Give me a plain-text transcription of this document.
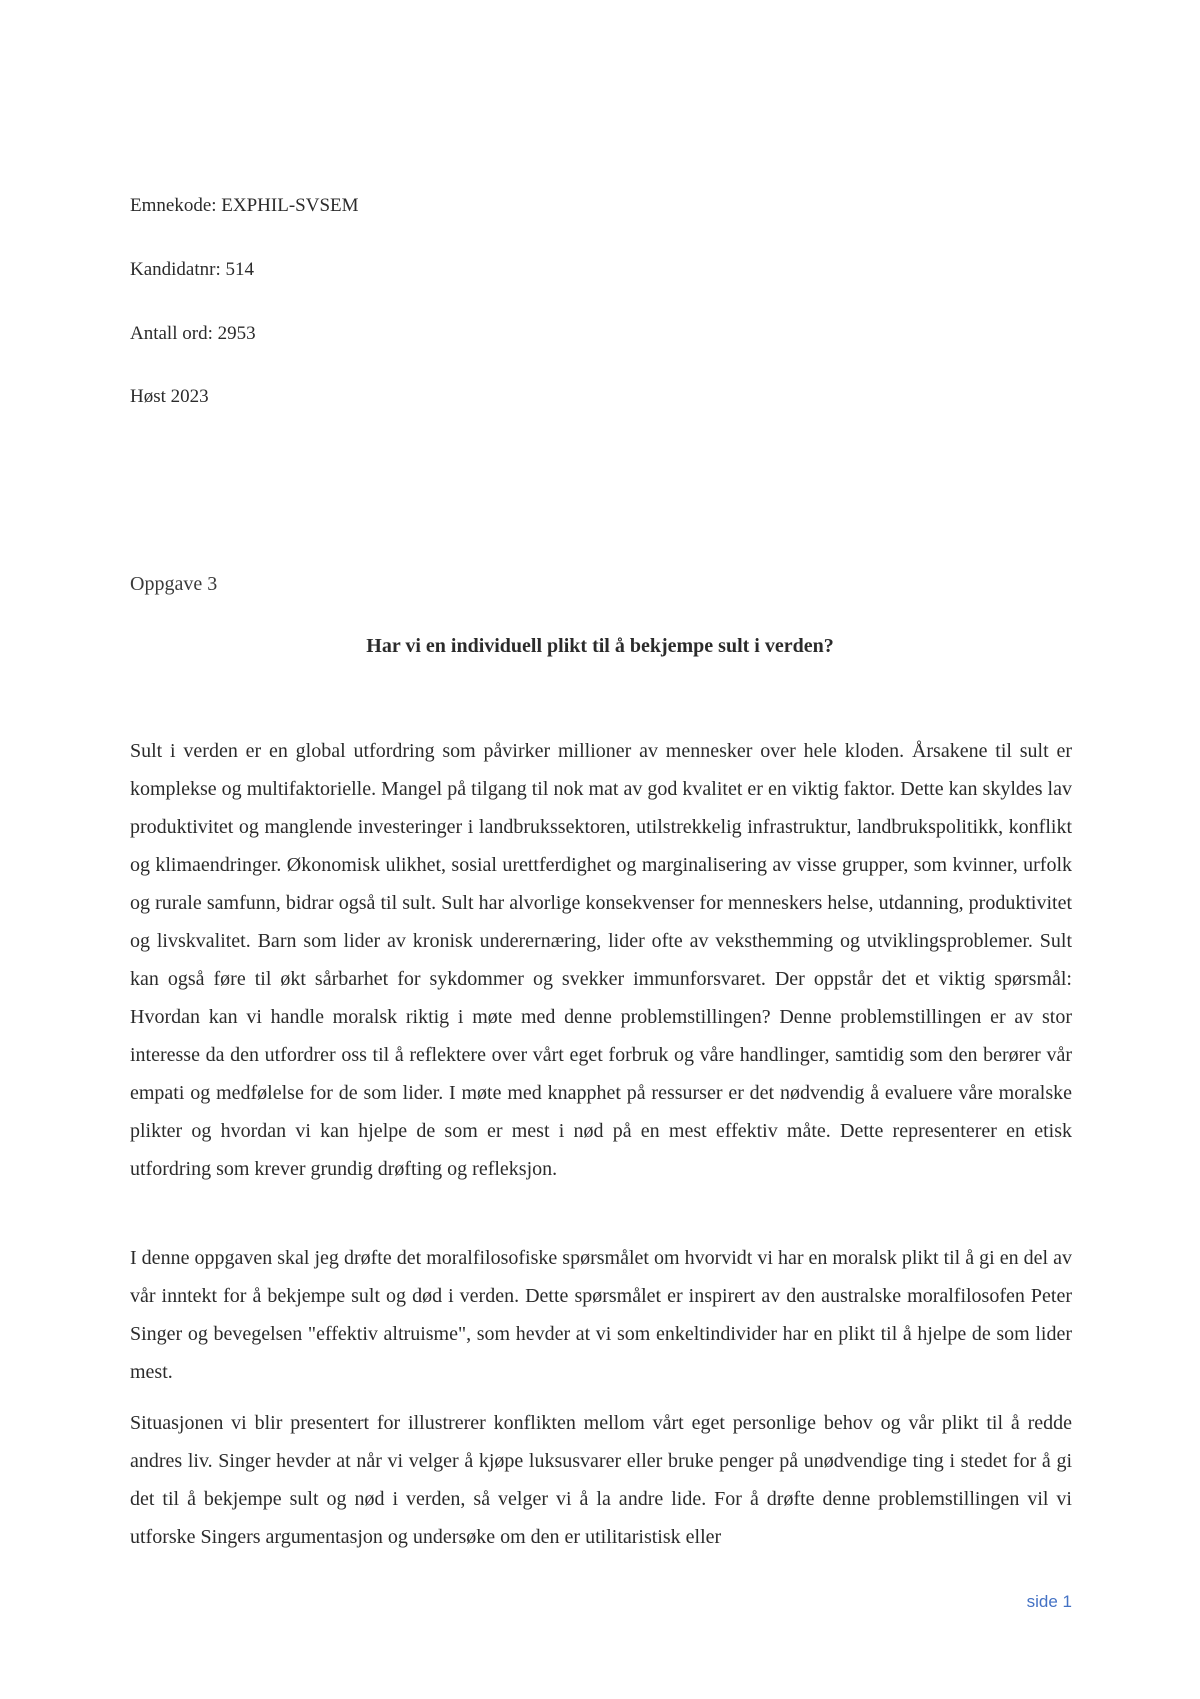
Emnekode: EXPHIL-SVSEM
Kandidatnr: 514
Antall ord: 2953
Høst 2023
Oppgave 3
Har vi en individuell plikt til å bekjempe sult i verden?

Sult i verden er en global utfordring som påvirker millioner av mennesker over hele kloden. Årsakene til sult er komplekse og multifaktorielle. Mangel på tilgang til nok mat av god kvalitet er en viktig faktor. Dette kan skyldes lav produktivitet og manglende investeringer i landbrukssektoren, utilstrekkelig infrastruktur, landbrukspolitikk, konflikt og klimaendringer. Økonomisk ulikhet, sosial urettferdighet og marginalisering av visse grupper, som kvinner, urfolk og rurale samfunn, bidrar også til sult. Sult har alvorlige konsekvenser for menneskers helse, utdanning, produktivitet og livskvalitet. Barn som lider av kronisk underernæring, lider ofte av veksthemming og utviklingsproblemer. Sult kan også føre til økt sårbarhet for sykdommer og svekker immunforsvaret. Der oppstår det et viktig spørsmål: Hvordan kan vi handle moralsk riktig i møte med denne problemstillingen? Denne problemstillingen er av stor interesse da den utfordrer oss til å reflektere over vårt eget forbruk og våre handlinger, samtidig som den berører vår empati og medfølelse for de som lider. I møte med knapphet på ressurser er det nødvendig å evaluere våre moralske plikter og hvordan vi kan hjelpe de som er mest i nød på en mest effektiv måte. Dette representerer en etisk utfordring som krever grundig drøfting og refleksjon.

I denne oppgaven skal jeg drøfte det moralfilosofiske spørsmålet om hvorvidt vi har en moralsk plikt til å gi en del av vår inntekt for å bekjempe sult og død i verden. Dette spørsmålet er inspirert av den australske moralfilosofen Peter Singer og bevegelsen "effektiv altruisme", som hevder at vi som enkeltindivider har en plikt til å hjelpe de som lider mest.

Situasjonen vi blir presentert for illustrerer konflikten mellom vårt eget personlige behov og vår plikt til å redde andres liv. Singer hevder at når vi velger å kjøpe luksusvarer eller bruke penger på unødvendige ting i stedet for å gi det til å bekjempe sult og nød i verden, så velger vi å la andre lide. For å drøfte denne problemstillingen vil vi utforske Singers argumentasjon og undersøke om den er utilitaristisk eller

side 1
